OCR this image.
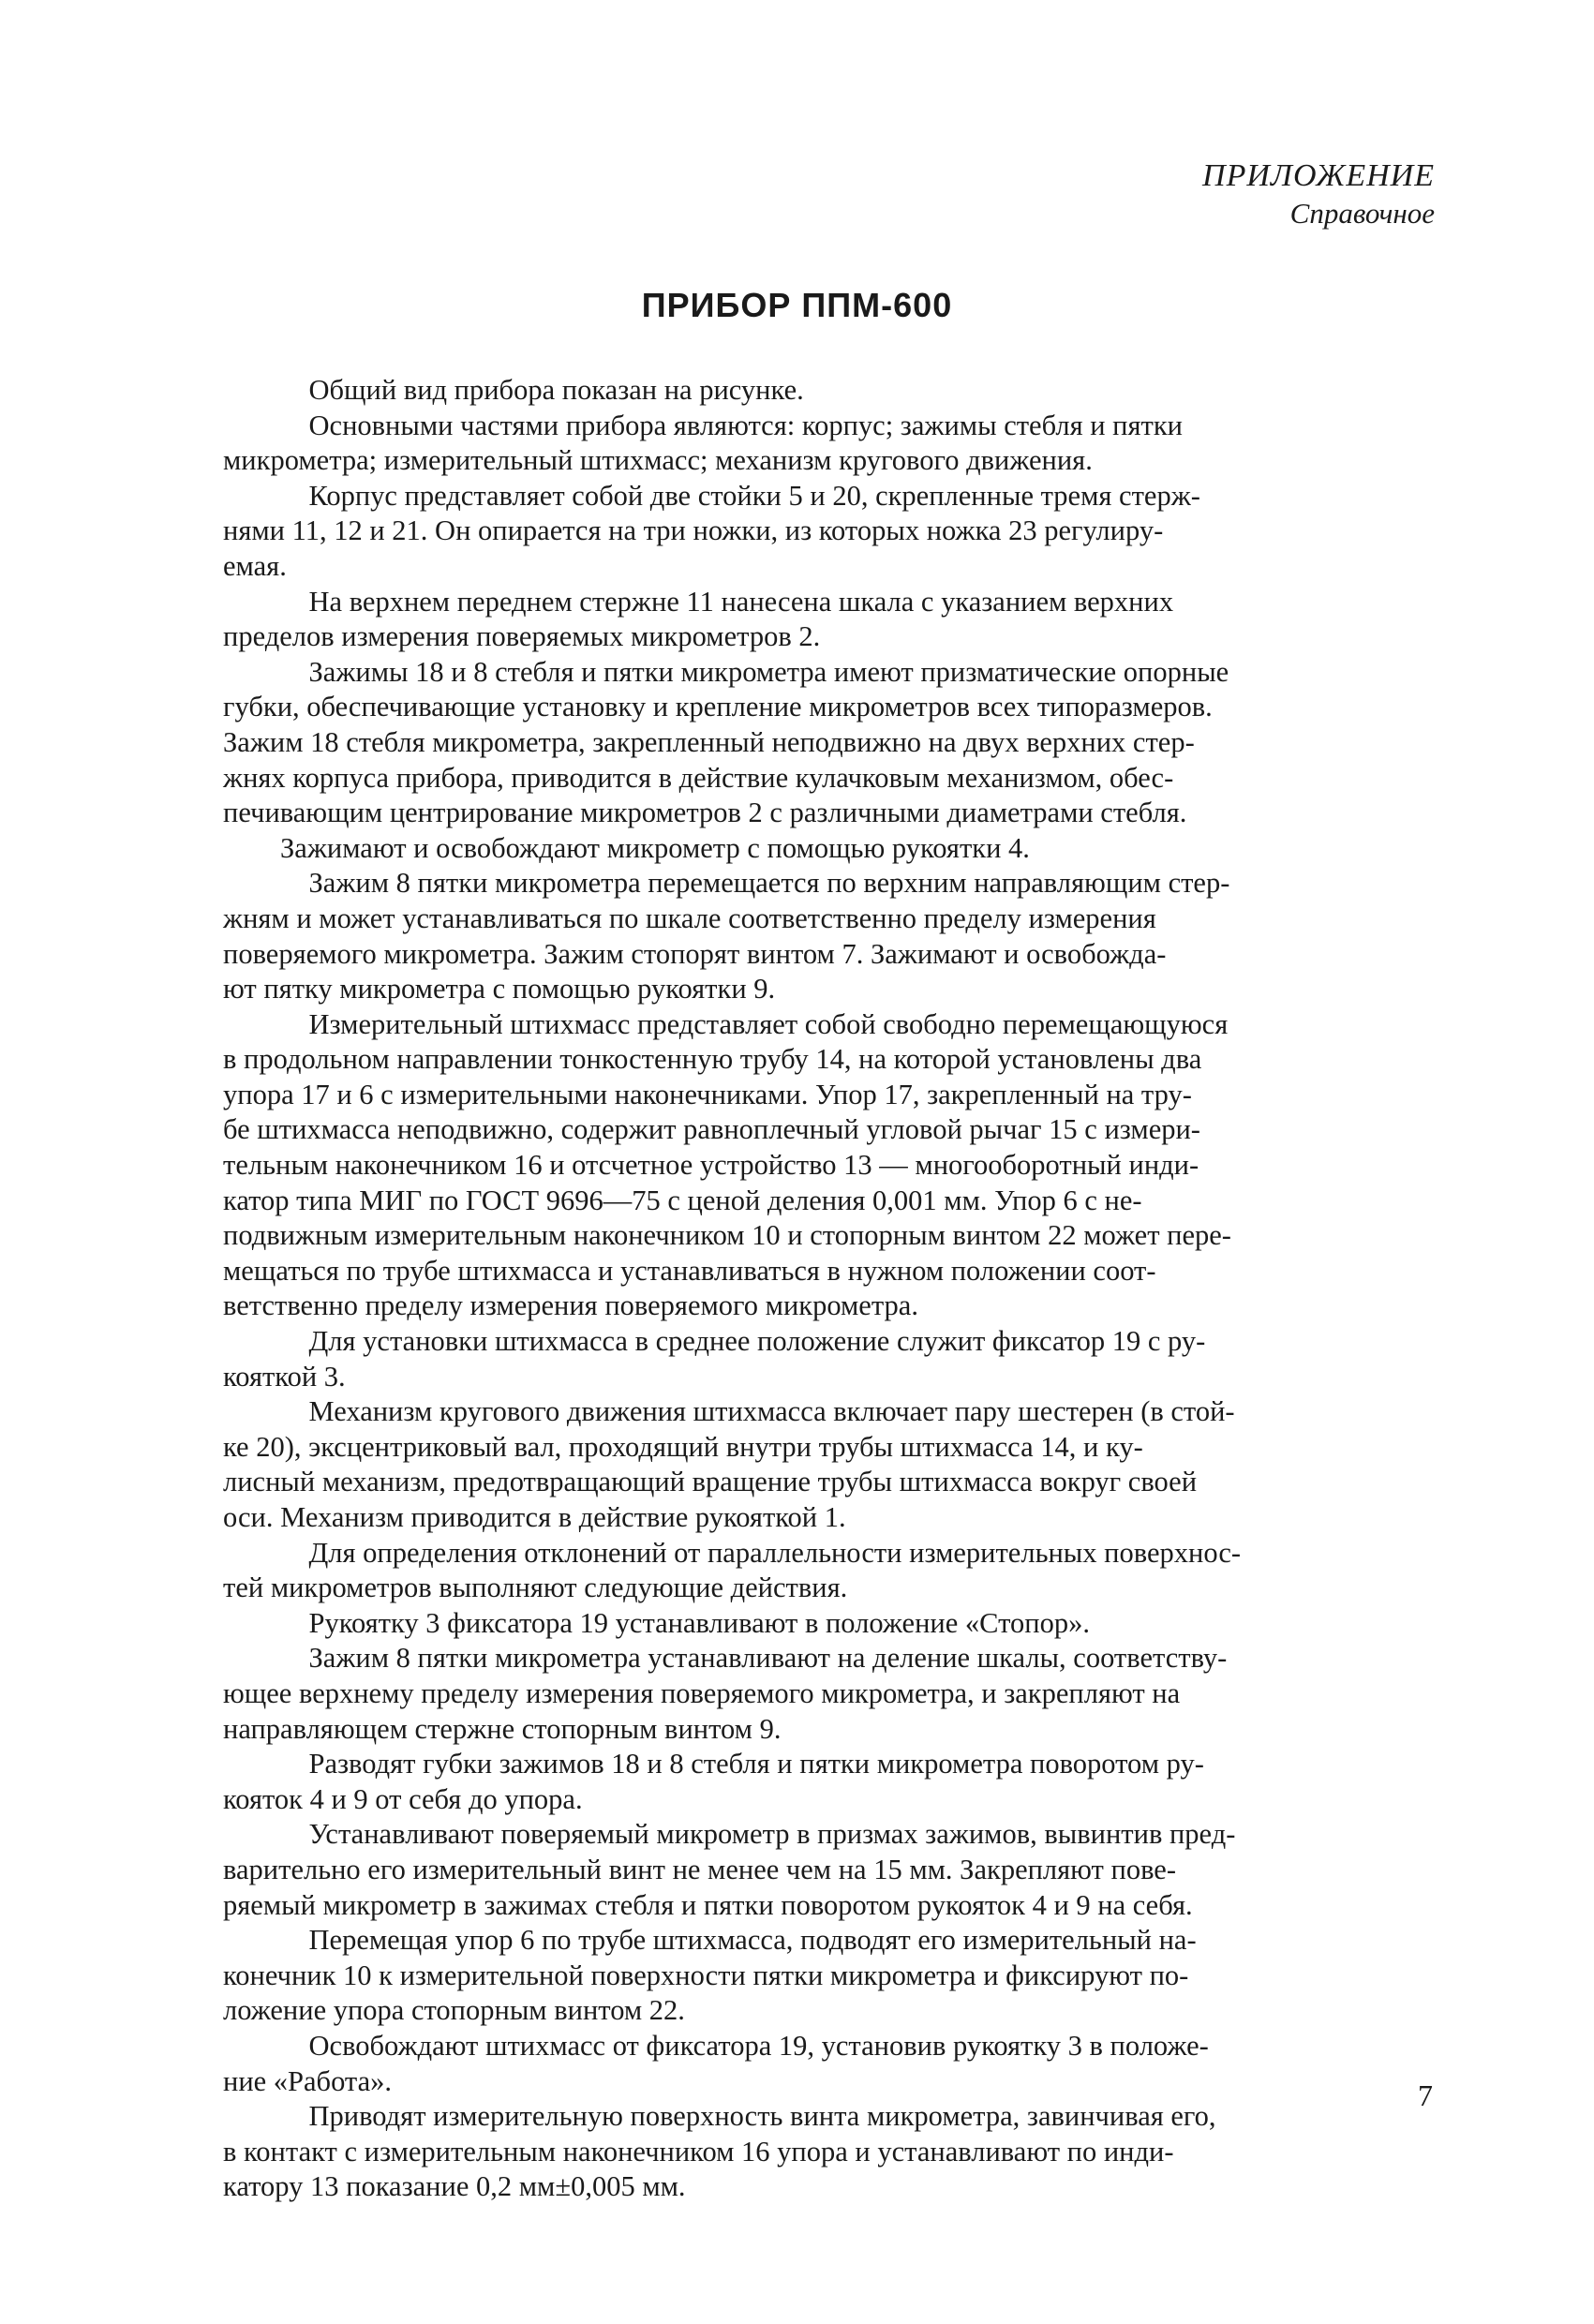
ПРИЛОЖЕНИЕ
Справочное
ПРИБОР ППМ-600

   Общий вид прибора показан на рисунке.

   Основными частями прибора являются: корпус; зажимы стебля и пятки

микрометра; измерительный штихмасс; механизм кругового движения.

   Корпус представляет собой две стойки 5 и 20, скрепленные тремя стерж-

нями 11, 12 и 21. Он опирается на три ножки, из которых ножка 23 регулиру-

емая.

   На верхнем переднем стержне 11 нанесена шкала с указанием верхних

пределов измерения поверяемых микрометров 2.

   Зажимы 18 и 8 стебля и пятки микрометра имеют призматические опорные

губки, обеспечивающие установку и крепление микрометров всех типоразмеров.

Зажим 18 стебля микрометра, закрепленный неподвижно на двух верхних стер-

жнях корпуса прибора, приводится в действие кулачковым механизмом, обес-

печивающим центрирование микрометров 2 с различными диаметрами стебля.

  Зажимают и освобождают микрометр с помощью рукоятки 4.

   Зажим 8 пятки микрометра перемещается по верхним направляющим стер-

жням и может устанавливаться по шкале соответственно пределу измерения

поверяемого микрометра. Зажим стопорят винтом 7. Зажимают и освобожда-

ют пятку микрометра с помощью рукоятки 9.

   Измерительный штихмасс представляет собой свободно перемещающуюся

в продольном направлении тонкостенную трубу 14, на которой установлены два

упора 17 и 6 с измерительными наконечниками. Упор 17, закрепленный на тру-

бе штихмасса неподвижно, содержит равноплечный угловой рычаг 15 с измери-

тельным наконечником 16 и отсчетное устройство 13 — многооборотный инди-

катор типа МИГ по ГОСТ 9696—75 с ценой деления 0,001 мм. Упор 6 с не-

подвижным измерительным наконечником 10 и стопорным винтом 22 может пере-

мещаться по трубе штихмасса и устанавливаться в нужном положении соот-

ветственно пределу измерения поверяемого микрометра.

   Для установки штихмасса в среднее положение служит фиксатор 19 с ру-

кояткой 3.

   Механизм кругового движения штихмасса включает пару шестерен (в стой-

ке 20), эксцентриковый вал, проходящий внутри трубы штихмасса 14, и ку-

лисный механизм, предотвращающий вращение трубы штихмасса вокруг своей

оси. Механизм приводится в действие рукояткой 1.

   Для определения отклонений от параллельности измерительных поверхнос-

тей микрометров выполняют следующие действия.

   Рукоятку 3 фиксатора 19 устанавливают в положение «Стопор».

   Зажим 8 пятки микрометра устанавливают на деление шкалы, соответству-

ющее верхнему пределу измерения поверяемого микрометра, и закрепляют на

направляющем стержне стопорным винтом 9.

   Разводят губки зажимов 18 и 8 стебля и пятки микрометра поворотом ру-

кояток 4 и 9 от себя до упора.

   Устанавливают поверяемый микрометр в призмах зажимов, вывинтив пред-

варительно его измерительный винт не менее чем на 15 мм. Закрепляют пове-

ряемый микрометр в зажимах стебля и пятки поворотом рукояток 4 и 9 на себя.

   Перемещая упор 6 по трубе штихмасса, подводят его измерительный на-

конечник 10 к измерительной поверхности пятки микрометра и фиксируют по-

ложение упора стопорным винтом 22.

   Освобождают штихмасс от фиксатора 19, установив рукоятку 3 в положе-

ние «Работа».

   Приводят измерительную поверхность винта микрометра, завинчивая его,

в контакт с измерительным наконечником 16 упора и устанавливают по инди-

катору 13 показание 0,2 мм±0,005 мм.

7
